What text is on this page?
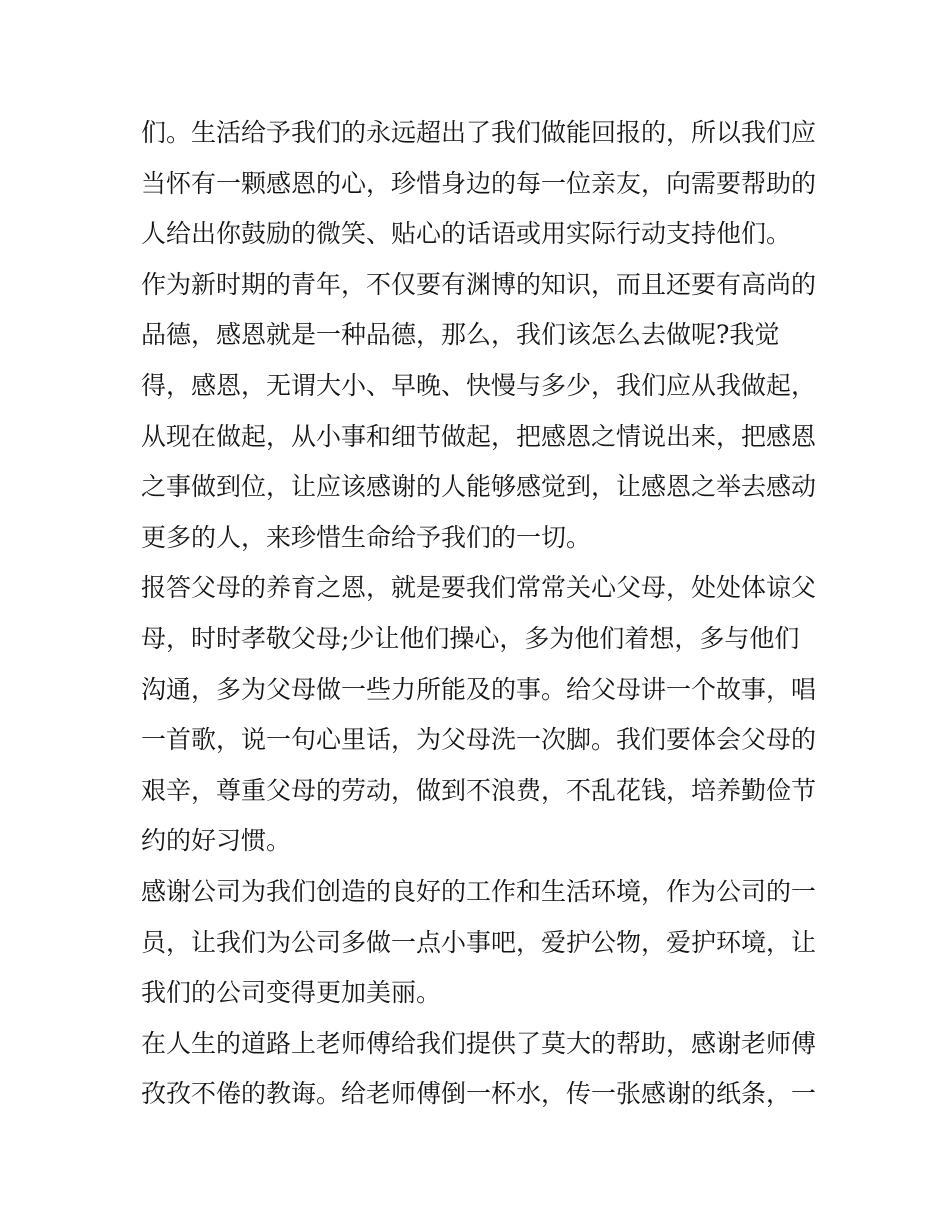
们。生活给予我们的永远超出了我们做能回报的，所以我们应
当怀有一颗感恩的心，珍惜身边的每一位亲友，向需要帮助的
人给出你鼓励的微笑、贴心的话语或用实际行动支持他们。
作为新时期的青年，不仅要有渊博的知识，而且还要有高尚的
品德，感恩就是一种品德，那么，我们该怎么去做呢?我觉
得，感恩，无谓大小、早晚、快慢与多少，我们应从我做起，
从现在做起，从小事和细节做起，把感恩之情说出来，把感恩
之事做到位，让应该感谢的人能够感觉到，让感恩之举去感动
更多的人，来珍惜生命给予我们的一切。
报答父母的养育之恩，就是要我们常常关心父母，处处体谅父
母，时时孝敬父母;少让他们操心，多为他们着想，多与他们
沟通，多为父母做一些力所能及的事。给父母讲一个故事，唱
一首歌，说一句心里话，为父母洗一次脚。我们要体会父母的
艰辛，尊重父母的劳动，做到不浪费，不乱花钱，培养勤俭节
约的好习惯。
感谢公司为我们创造的良好的工作和生活环境，作为公司的一
员，让我们为公司多做一点小事吧，爱护公物，爱护环境，让
我们的公司变得更加美丽。
在人生的道路上老师傅给我们提供了莫大的帮助，感谢老师傅
孜孜不倦的教诲。给老师傅倒一杯水，传一张感谢的纸条，一
